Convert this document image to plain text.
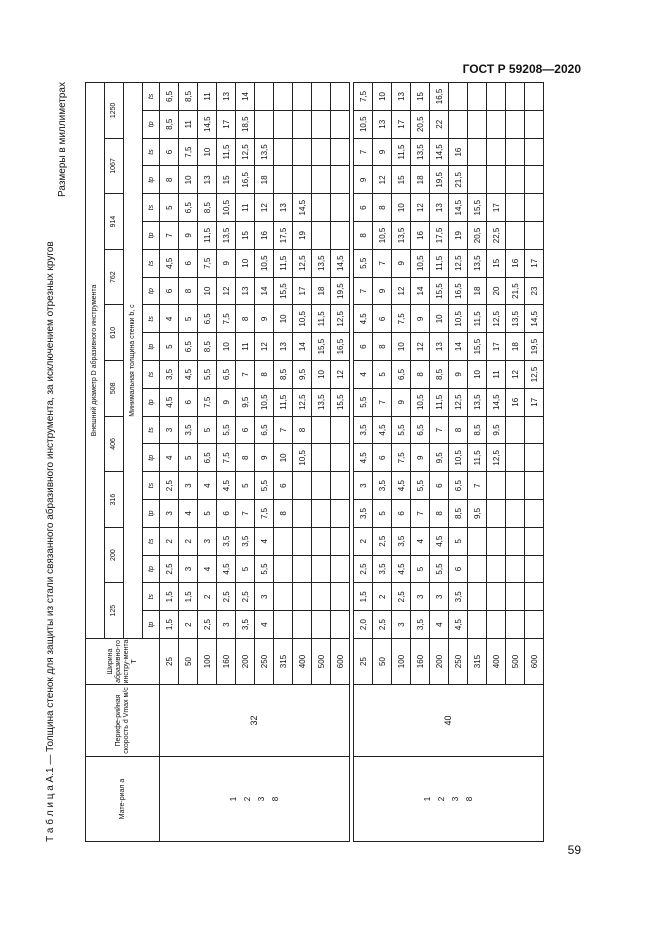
ГОСТ Р 59208—2020
Т а б л и ц а А.1 — Толщина стенок для защиты из стали связанного абразивного инструмента, за исключением отрезных кругов
Размеры в миллиметрах
Мате-риал a	Перифе-рийная скорость d Vmax м/с	Ширина абразивно-го инстру-мента T	Внешний диаметр D абразивного инструмента																			
			125		200		316		406		508		610		762		914		1067		1250	
			Минимальная толщина стенки b, c																			
			tp	ts	tp	ts	tp	ts	tp	ts	tp	ts	tp	ts	tp	ts	tp	ts	tp	ts	tp	ts
1
2
3
8	32	25	1,5	1,5	2,5	2	3	2,5	4	3	4,5	3,5	5	4	6	4,5	7	5	8	6	8,5	6,5
		50	2	1,5	3	2	4	3	5	3,5	6	4,5	6,5	5	8	6	9	6,5	10	7,5	11	8,5
		100	2,5	2	4	3	5	4	6,5	5	7,5	5,5	8,5	6,5	10	7,5	11,5	8,5	13	10	14,5	11
		160	3	2,5	4,5	3,5	6	4,5	7,5	5,5	9	6,5	10	7,5	12	9	13,5	10,5	15	11,5	17	13
		200	3,5	2,5	5	3,5	7	5	8	6	9,5	7	11	8	13	10	15	11	16,5	12,5	18,5	14
		250	4	3	5,5	4	7,5	5,5	9	6,5	10,5	8	12	9	14	10,5	16	12	18	13,5		
		315					8	6	10	7	11,5	8,5	13	10	15,5	11,5	17,5	13				
		400							10,5	8	12,5	9,5	14	10,5	17	12,5	19	14,5				
		500									13,5	10	15,5	11,5	18	13,5						
		600									15,5	12	16,5	12,5	19,5	14,5						

1
2
3
8	40	25	2,0	1,5	2,5	2	3,5	3	4,5	3,5	5,5	4	6	4,5	7	5,5	8	6	9	7	10,5	7,5
		50	2,5	2	3,5	2,5	5	3,5	6	4,5	7	5	8	6	9	7	10,5	8	12	9	13	10
		100	3	2,5	4,5	3,5	6	4,5	7,5	5,5	9	6,5	10	7,5	12	9	13,5	10	15	11,5	17	13
		160	3,5	3	5	4	7	5,5	9	6,5	10,5	8	12	9	14	10,5	16	12	18	13,5	20,5	15
		200	4	3	5,5	4,5	8	6	9,5	7	11,5	8,5	13	10	15,5	11,5	17,5	13	19,5	14,5	22	16,5
		250	4,5	3,5	6	5	8,5	6,5	10,5	8	12,5	9	14	10,5	16,5	12,5	19	14,5	21,5	16		
		315					9,5	7	11,5	8,5	13,5	10	15,5	11,5	18	13,5	20,5	15,5				
		400							12,5	9,5	14,5	11	17	12,5	20	15	22,5	17				
		500									16	12	18	13,5	21,5	16						
		600									17	12,5	19,5	14,5	23	17						
59
